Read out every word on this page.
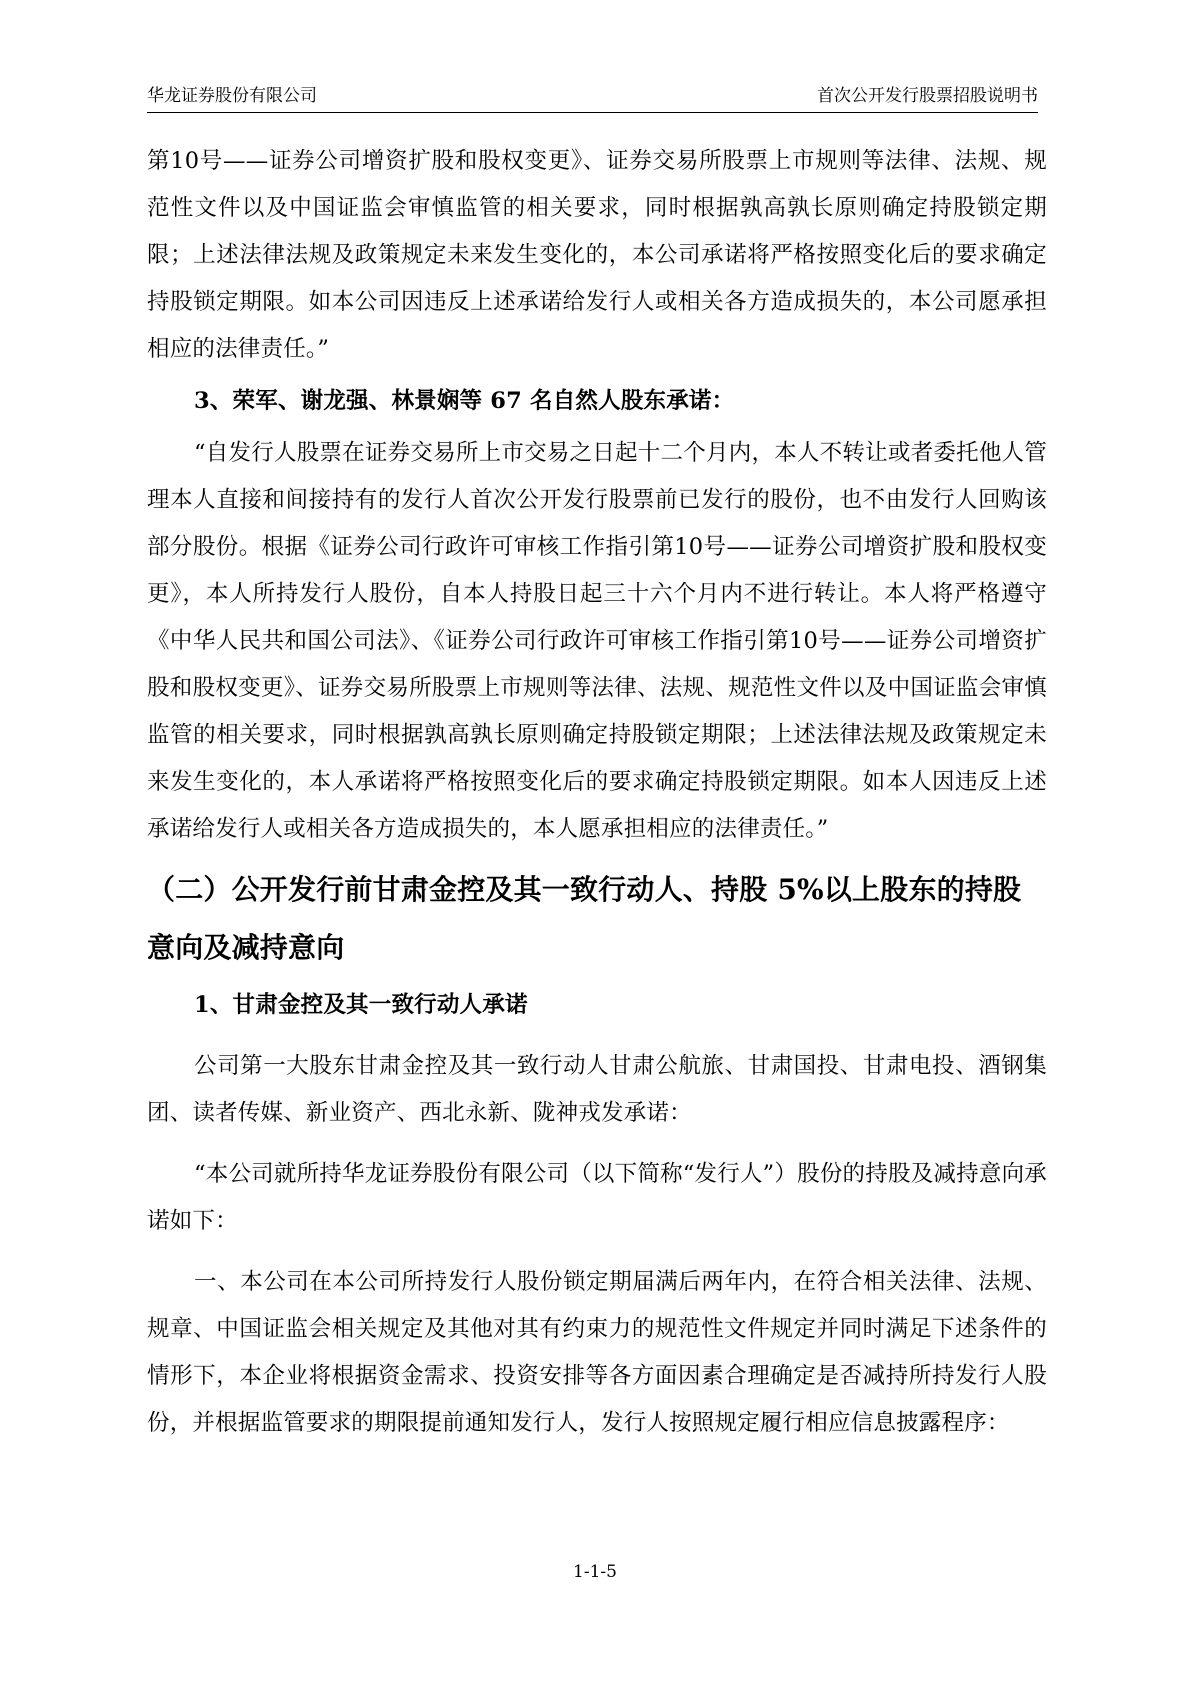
华龙证券股份有限公司	首次公开发行股票招股说明书

第10号——证券公司增资扩股和股权变更》、证券交易所股票上市规则等法律、法规、规范性文件以及中国证监会审慎监管的相关要求，同时根据孰高孰长原则确定持股锁定期限；上述法律法规及政策规定未来发生变化的，本公司承诺将严格按照变化后的要求确定持股锁定期限。如本公司因违反上述承诺给发行人或相关各方造成损失的，本公司愿承担相应的法律责任。”

3、荣军、谢龙强、林景娴等 67 名自然人股东承诺：

“自发行人股票在证券交易所上市交易之日起十二个月内，本人不转让或者委托他人管理本人直接和间接持有的发行人首次公开发行股票前已发行的股份，也不由发行人回购该部分股份。根据《证券公司行政许可审核工作指引第10号——证券公司增资扩股和股权变更》，本人所持发行人股份，自本人持股日起三十六个月内不进行转让。本人将严格遵守《中华人民共和国公司法》、《证券公司行政许可审核工作指引第10号——证券公司增资扩股和股权变更》、证券交易所股票上市规则等法律、法规、规范性文件以及中国证监会审慎监管的相关要求，同时根据孰高孰长原则确定持股锁定期限；上述法律法规及政策规定未来发生变化的，本人承诺将严格按照变化后的要求确定持股锁定期限。如本人因违反上述承诺给发行人或相关各方造成损失的，本人愿承担相应的法律责任。”

（二）公开发行前甘肃金控及其一致行动人、持股 5%以上股东的持股意向及减持意向

1、甘肃金控及其一致行动人承诺

公司第一大股东甘肃金控及其一致行动人甘肃公航旅、甘肃国投、甘肃电投、酒钢集团、读者传媒、新业资产、西北永新、陇神戎发承诺：

“本公司就所持华龙证券股份有限公司（以下简称“发行人”）股份的持股及减持意向承诺如下：

一、本公司在本公司所持发行人股份锁定期届满后两年内，在符合相关法律、法规、规章、中国证监会相关规定及其他对其有约束力的规范性文件规定并同时满足下述条件的情形下，本企业将根据资金需求、投资安排等各方面因素合理确定是否减持所持发行人股份，并根据监管要求的期限提前通知发行人，发行人按照规定履行相应信息披露程序：

1-1-5
